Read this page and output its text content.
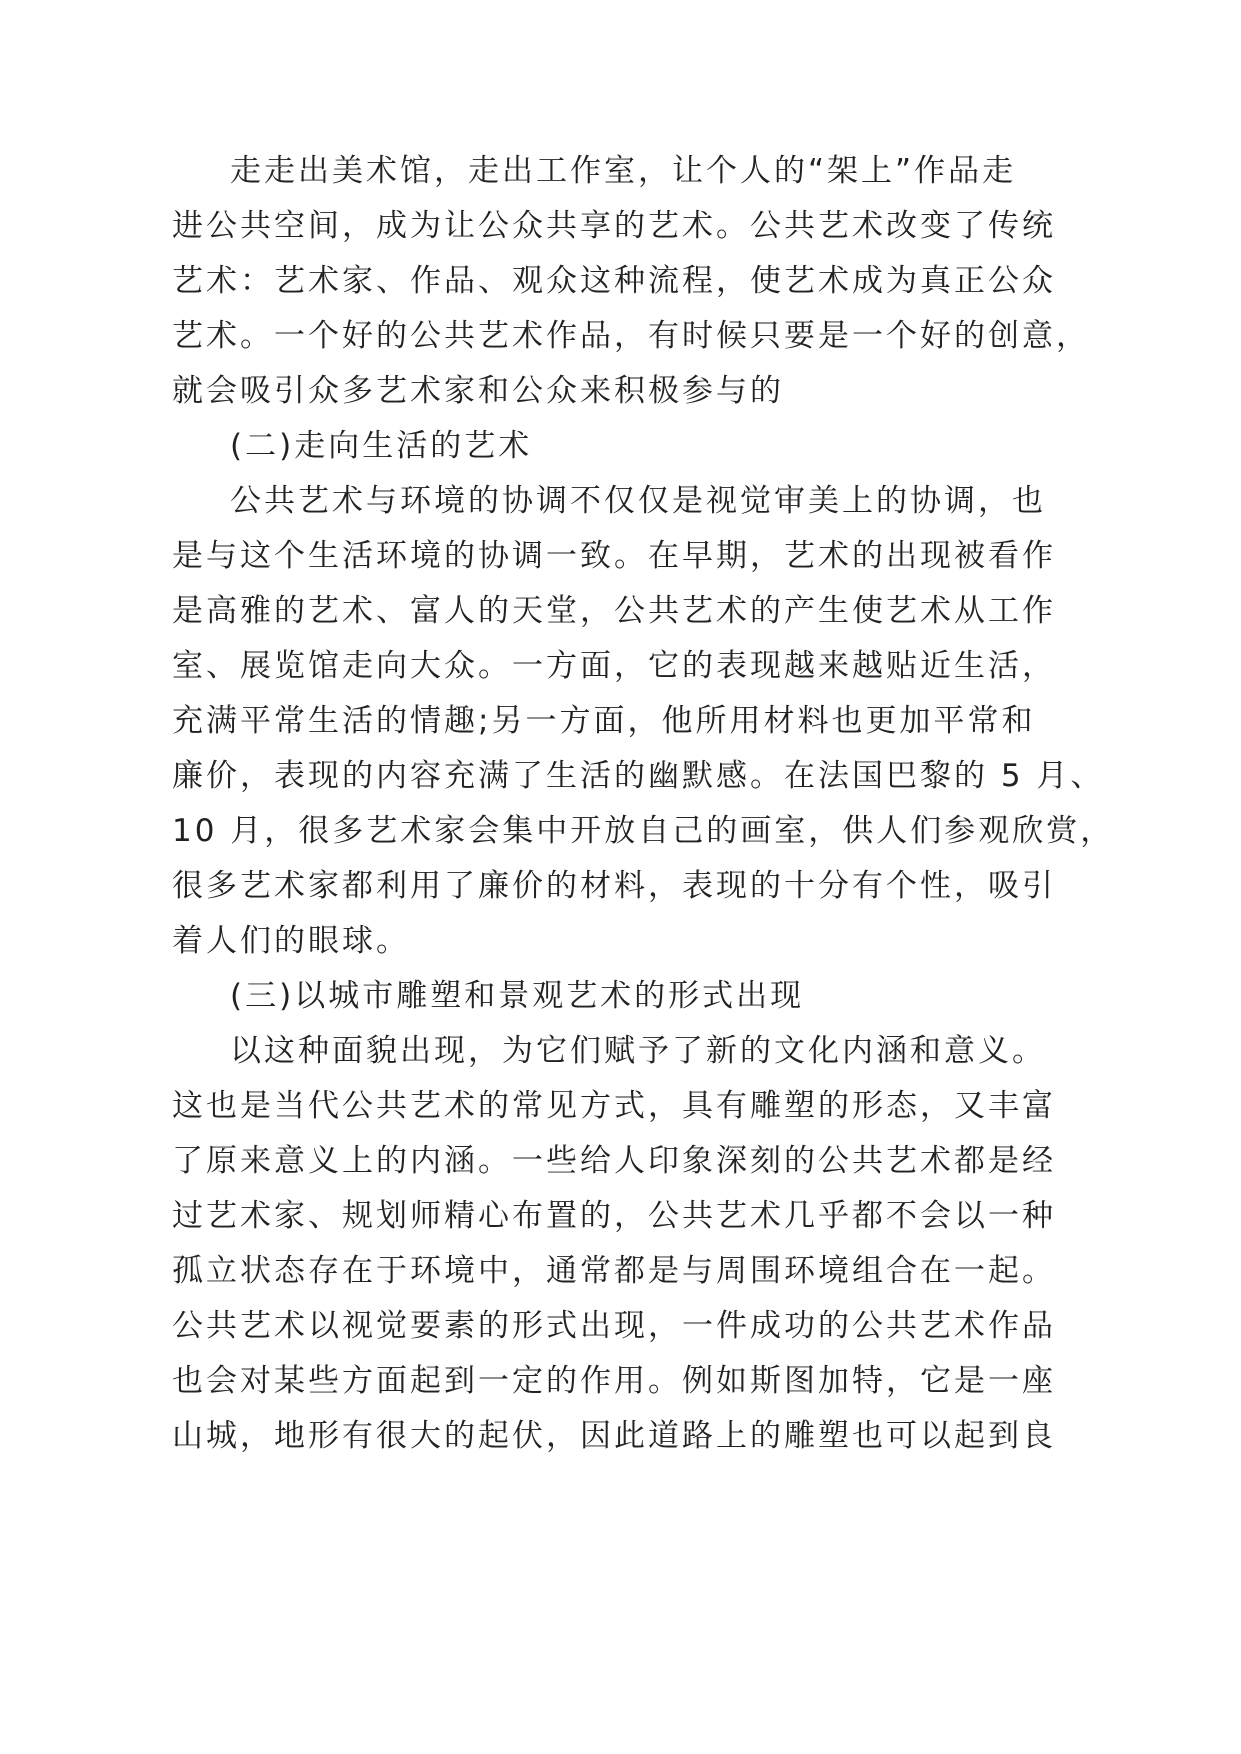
走走出美术馆，走出工作室，让个人的“架上”作品走
进公共空间，成为让公众共享的艺术。公共艺术改变了传统
艺术：艺术家、作品、观众这种流程，使艺术成为真正公众
艺术。一个好的公共艺术作品，有时候只要是一个好的创意，
就会吸引众多艺术家和公众来积极参与的
(二)走向生活的艺术
公共艺术与环境的协调不仅仅是视觉审美上的协调，也
是与这个生活环境的协调一致。在早期，艺术的出现被看作
是高雅的艺术、富人的天堂，公共艺术的产生使艺术从工作
室、展览馆走向大众。一方面，它的表现越来越贴近生活，
充满平常生活的情趣;另一方面，他所用材料也更加平常和
廉价，表现的内容充满了生活的幽默感。在法国巴黎的 5 月、
10 月，很多艺术家会集中开放自己的画室，供人们参观欣赏，
很多艺术家都利用了廉价的材料，表现的十分有个性，吸引
着人们的眼球。
(三)以城市雕塑和景观艺术的形式出现
以这种面貌出现，为它们赋予了新的文化内涵和意义。
这也是当代公共艺术的常见方式，具有雕塑的形态，又丰富
了原来意义上的内涵。一些给人印象深刻的公共艺术都是经
过艺术家、规划师精心布置的，公共艺术几乎都不会以一种
孤立状态存在于环境中，通常都是与周围环境组合在一起。
公共艺术以视觉要素的形式出现，一件成功的公共艺术作品
也会对某些方面起到一定的作用。例如斯图加特，它是一座
山城，地形有很大的起伏，因此道路上的雕塑也可以起到良
